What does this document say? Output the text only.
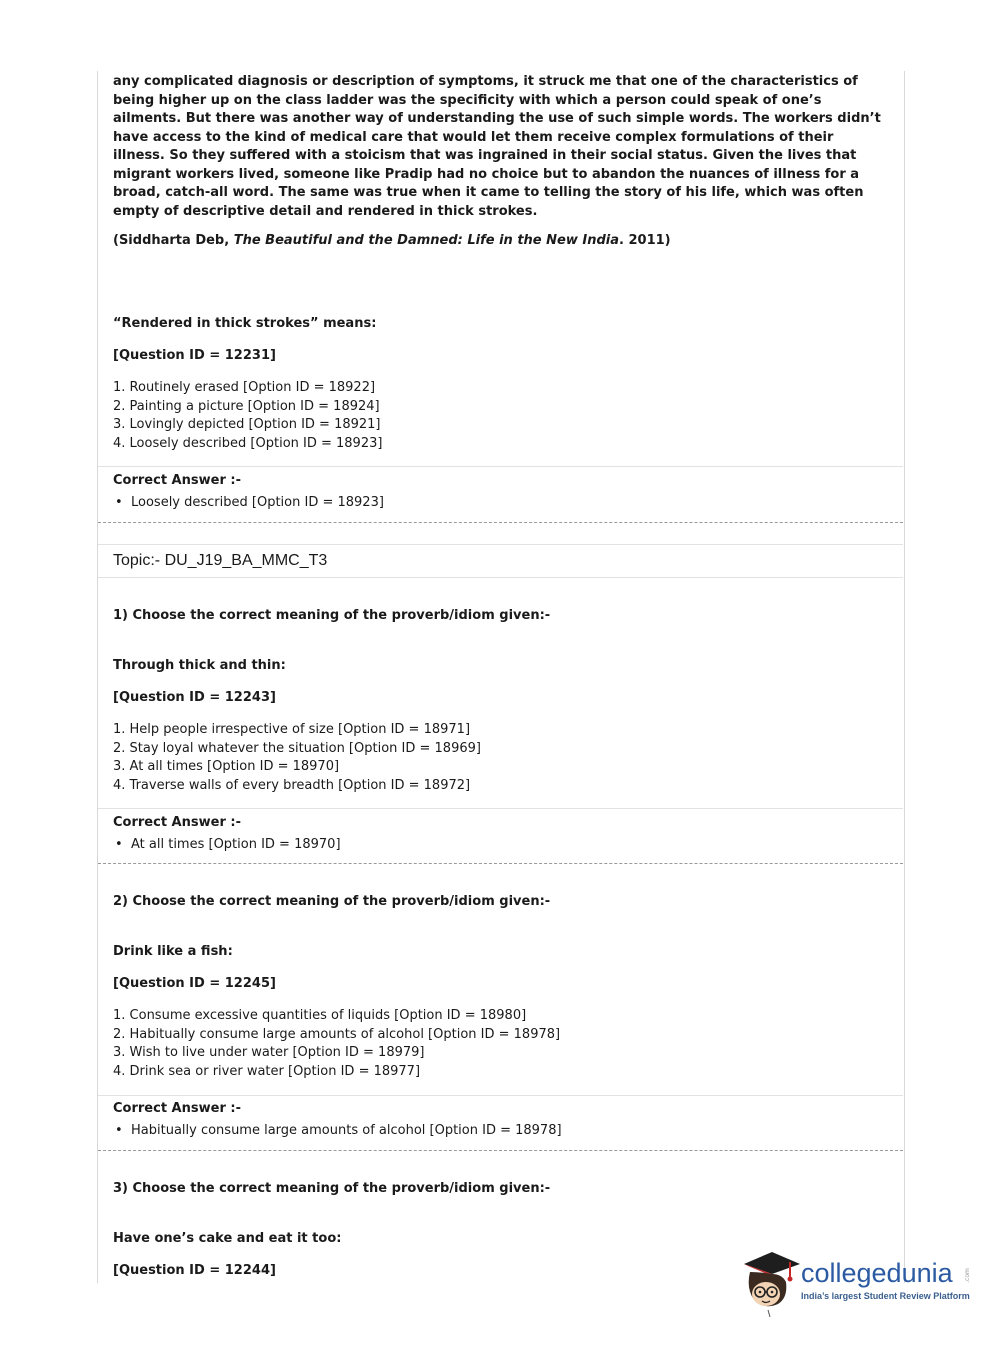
any complicated diagnosis or description of symptoms, it struck me that one of the characteristics of being higher up on the class ladder was the specificity with which a person could speak of one’s ailments. But there was another way of understanding the use of such simple words. The workers didn’t have access to the kind of medical care that would let them receive complex formulations of their illness. So they suffered with a stoicism that was ingrained in their social status. Given the lives that migrant workers lived, someone like Pradip had no choice but to abandon the nuances of illness for a broad, catch-all word. The same was true when it came to telling the story of his life, which was often empty of descriptive detail and rendered in thick strokes.
(Siddharta Deb, The Beautiful and the Damned: Life in the New India. 2011)
“Rendered in thick strokes” means:
[Question ID = 12231]
1. Routinely erased [Option ID = 18922]
2. Painting a picture [Option ID = 18924]
3. Lovingly depicted [Option ID = 18921]
4. Loosely described [Option ID = 18923]
Correct Answer :-
• Loosely described [Option ID = 18923]
Topic:- DU_J19_BA_MMC_T3
1) Choose the correct meaning of the proverb/idiom given:-
Through thick and thin:
[Question ID = 12243]
1. Help people irrespective of size [Option ID = 18971]
2. Stay loyal whatever the situation [Option ID = 18969]
3. At all times [Option ID = 18970]
4. Traverse walls of every breadth [Option ID = 18972]
Correct Answer :-
• At all times [Option ID = 18970]
2) Choose the correct meaning of the proverb/idiom given:-
Drink like a fish:
[Question ID = 12245]
1. Consume excessive quantities of liquids [Option ID = 18980]
2. Habitually consume large amounts of alcohol [Option ID = 18978]
3. Wish to live under water [Option ID = 18979]
4. Drink sea or river water [Option ID = 18977]
Correct Answer :-
• Habitually consume large amounts of alcohol [Option ID = 18978]
3) Choose the correct meaning of the proverb/idiom given:-
Have one’s cake and eat it too:
[Question ID = 12244]	collegedunia
India’s largest Student Review Platform
.com
